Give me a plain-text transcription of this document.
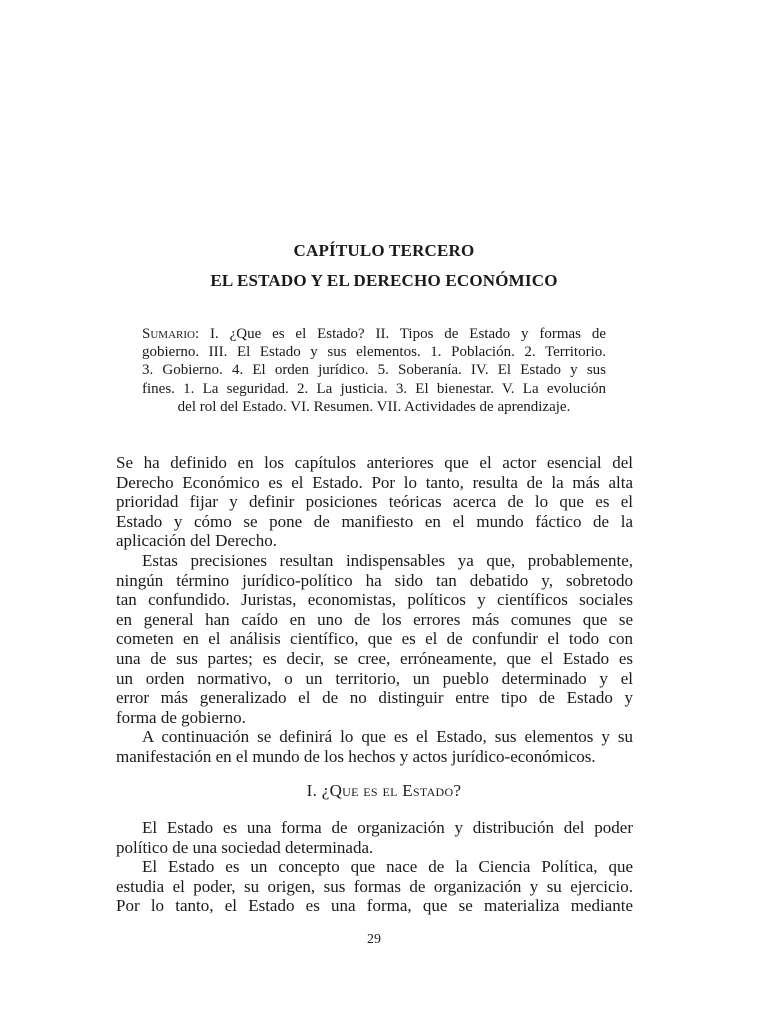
CAPÍTULO TERCERO
EL ESTADO Y EL DERECHO ECONÓMICO
Sumario: I. ¿Que es el Estado? II. Tipos de Estado y formas de
gobierno. III. El Estado y sus elementos. 1. Población. 2. Territorio.
3. Gobierno. 4. El orden jurídico. 5. Soberanía. IV. El Estado y sus
fines. 1. La seguridad. 2. La justicia. 3. El bienestar. V. La evolución
del rol del Estado. VI. Resumen. VII. Actividades de aprendizaje.
Se ha definido en los capítulos anteriores que el actor esencial del
Derecho Económico es el Estado. Por lo tanto, resulta de la más alta
prioridad fijar y definir posiciones teóricas acerca de lo que es el
Estado y cómo se pone de manifiesto en el mundo fáctico de la
aplicación del Derecho.
Estas precisiones resultan indispensables ya que, probablemente,
ningún término jurídico-político ha sido tan debatido y, sobretodo
tan confundido. Juristas, economistas, políticos y científicos sociales
en general han caído en uno de los errores más comunes que se
cometen en el análisis científico, que es el de confundir el todo con
una de sus partes; es decir, se cree, erróneamente, que el Estado es
un orden normativo, o un territorio, un pueblo determinado y el
error más generalizado el de no distinguir entre tipo de Estado y
forma de gobierno.
A continuación se definirá lo que es el Estado, sus elementos y su
manifestación en el mundo de los hechos y actos jurídico-económicos.
I. ¿Que es el Estado?
El Estado es una forma de organización y distribución del poder
político de una sociedad determinada.
El Estado es un concepto que nace de la Ciencia Política, que
estudia el poder, su origen, sus formas de organización y su ejercicio.
Por lo tanto, el Estado es una forma, que se materializa mediante
29
